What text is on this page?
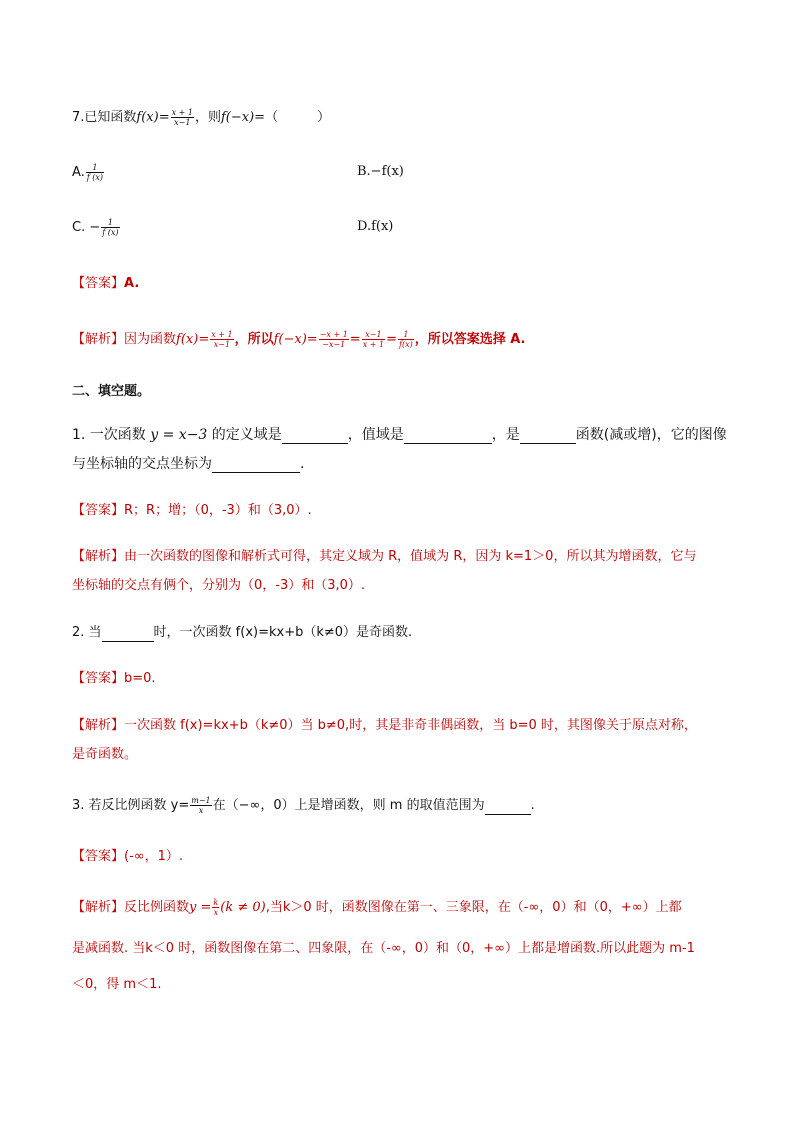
7.已知函数$f(x)= \frac{x + 1}{x-1}$ ，则f(−x)=（　　　）
A. $\frac{1}{f (x)}$	B.−f(x)
C. − $\frac{1}{f (x)}$	D.f(x)
【答案】A.
【解析】因为函数$f(x)= \frac{x + 1}{x-1}$ ，所以$f(-x)= \frac{-x + 1}{-x-1} = \frac{x-1}{x + 1} = \frac{1}{f(x)}$ ，所以答案选择 A.
二、填空题。
1. 一次函数 y = x−3 的定义域是	，值域是	，是	函数(减或增)，它的图像
与坐标轴的交点坐标为	.
【答案】R；R；增；（0，-3）和（3,0）.
【解析】由一次函数的图像和解析式可得，其定义域为 R，值域为 R，因为 k=1＞0，所以其为增函数，它与
坐标轴的交点有俩个，分别为（0，-3）和（3,0）.
2. 当	时，一次函数 f(x)=kx+b（k≠0）是奇函数.
【答案】b=0.
【解析】一次函数 f(x)=kx+b（k≠0）当 b≠0,时，其是非奇非偶函数，当 b=0 时，其图像关于原点对称，
是奇函数。
3. 若反比例函数 $y= \frac{m-1}{x}$ 在（−∞，0）上是增函数，则 m 的取值范围为	.
【答案】(-∞，1）.
【解析】反比例函数$y = \frac{k}{x} (k \ne 0)$,当k＞0 时，函数图像在第一、三象限，在（-∞，0）和（0，+∞）上都
是减函数. 当k＜0 时，函数图像在第二、四象限，在（-∞，0）和（0，+∞）上都是增函数.所以此题为 m-1
＜0，得 m＜1.
